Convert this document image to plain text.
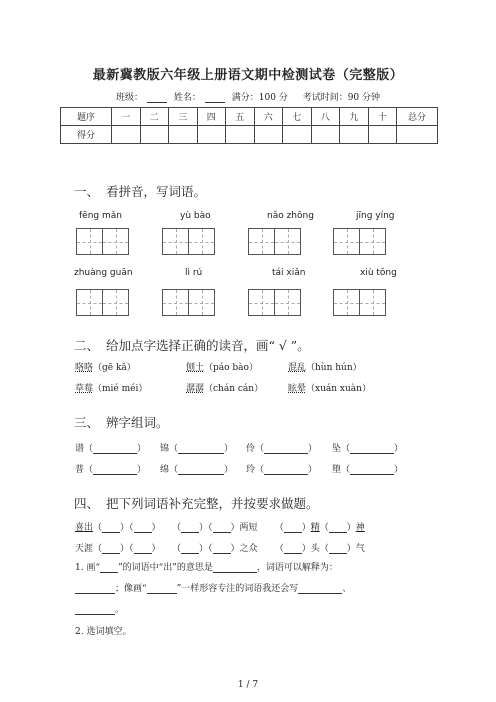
最新冀教版六年级上册语文期中检测试卷（完整版）
班级：	姓名：	满分：100 分 考试时间：90 分钟
题序	一	二	三	四	五	六	七	八	九	十	总分
得分											
一、 看拼音，写词语。
fēng mǎn	yù bào	nǎo zhōng	jīng yíng
zhuàng guān	lì rú	tái xiǎn	xiù tǒng
二、 给加点字选择正确的读音，画“ √ ”。
咯咯（gē kǎ）	刨土（páo bào）	混乱（hùn hún）
草莓（mié méi）	潺潺（chán cán）	眩晕（xuán xuàn）
三、 辨字组词。
谱（	） 锦（	） 伶（	） 坠（	）
普（	） 绵（	） 玲（	） 堕（	）
四、 把下列词语补充完整，并按要求做题。
喜出（ ）（ ）    （ ）（ ）两短      （ ）精（ ）神
天涯（ ）（ ）    （ ）（ ）之众      （ ）头（ ）气
1. 画“ ”的词语中“出”的意思是	，词语可以解释为：
；像画“	”一样形容专注的词语我还会写	、
。
2. 选词填空。
1 / 7
